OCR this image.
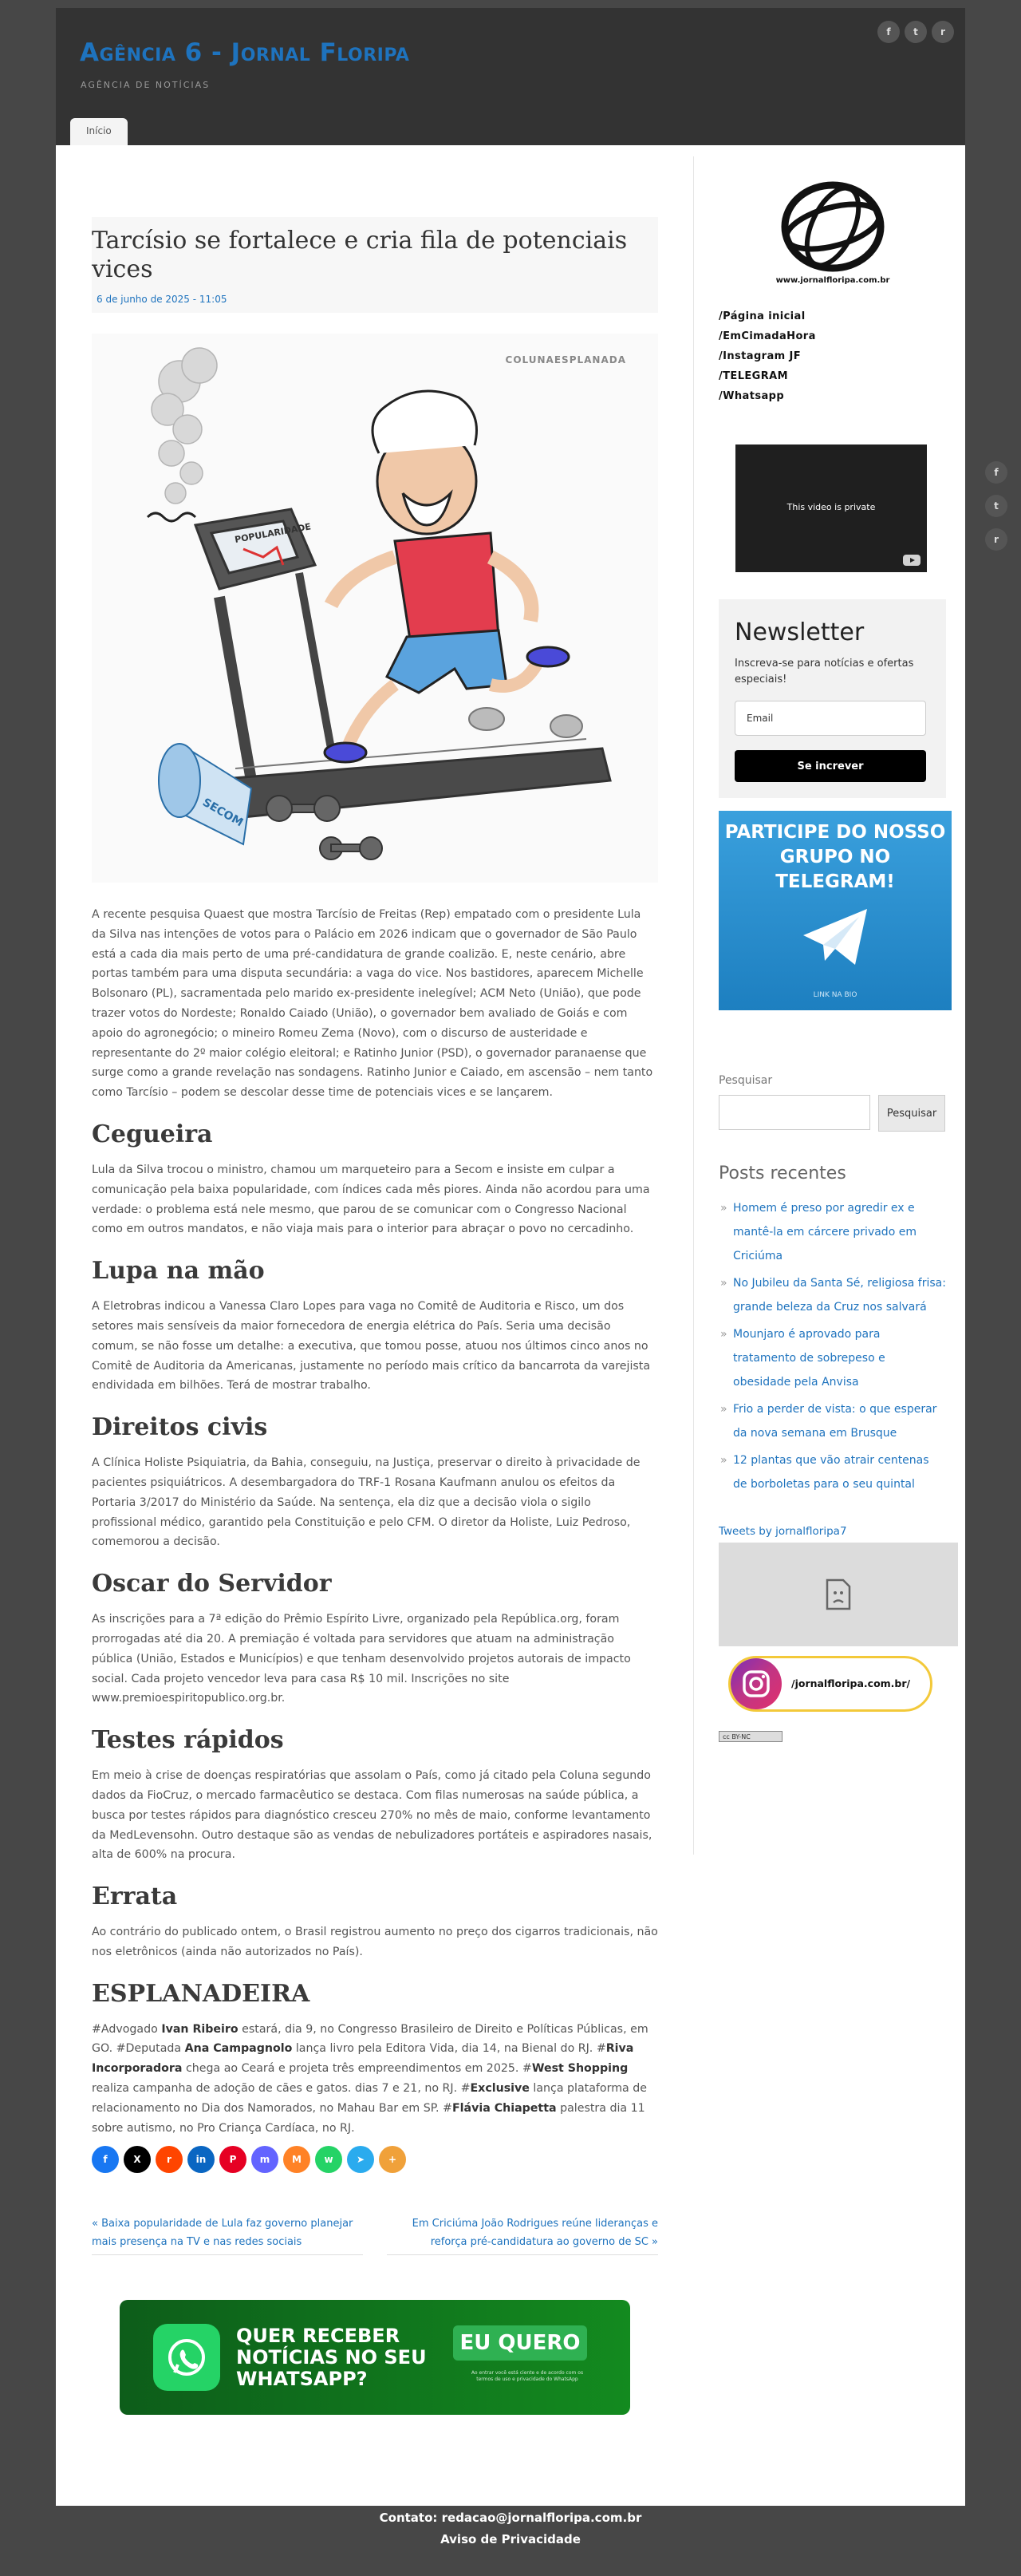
Agência 6 - Jornal Floripa
AGÊNCIA DE NOTÍCIAS
f	t	r
Início
Tarcísio se fortalece e cria fila de potenciais vices
6 de junho de 2025 - 11:05
POPULARIDADE
SECOM
COLUNAESPLANADA

A recente pesquisa Quaest que mostra Tarcísio de Freitas (Rep) empatado com o presidente Lula da Silva nas intenções de votos para o Palácio em 2026 indicam que o governador de São Paulo está a cada dia mais perto de uma pré-candidatura de grande coalizão. E, neste cenário, abre portas também para uma disputa secundária: a vaga do vice. Nos bastidores, aparecem Michelle Bolsonaro (PL), sacramentada pelo marido ex-presidente inelegível; ACM Neto (União), que pode trazer votos do Nordeste; Ronaldo Caiado (União), o governador bem avaliado de Goiás e com apoio do agronegócio; o mineiro Romeu Zema (Novo), com o discurso de austeridade e representante do 2º maior colégio eleitoral; e Ratinho Junior (PSD), o governador paranaense que surge como a grande revelação nas sondagens. Ratinho Junior e Caiado, em ascensão – nem tanto como Tarcísio – podem se descolar desse time de potenciais vices e se lançarem.

Cegueira

Lula da Silva trocou o ministro, chamou um marqueteiro para a Secom e insiste em culpar a comunicação pela baixa popularidade, com índices cada mês piores. Ainda não acordou para uma verdade: o problema está nele mesmo, que parou de se comunicar com o Congresso Nacional como em outros mandatos, e não viaja mais para o interior para abraçar o povo no cercadinho.

Lupa na mão

A Eletrobras indicou a Vanessa Claro Lopes para vaga no Comitê de Auditoria e Risco, um dos setores mais sensíveis da maior fornecedora de energia elétrica do País. Seria uma decisão comum, se não fosse um detalhe: a executiva, que tomou posse, atuou nos últimos cinco anos no Comitê de Auditoria da Americanas, justamente no período mais crítico da bancarrota da varejista endividada em bilhões. Terá de mostrar trabalho.

Direitos civis

A Clínica Holiste Psiquiatria, da Bahia, conseguiu, na Justiça, preservar o direito à privacidade de pacientes psiquiátricos. A desembargadora do TRF-1 Rosana Kaufmann anulou os efeitos da Portaria 3/2017 do Ministério da Saúde. Na sentença, ela diz que a decisão viola o sigilo profissional médico, garantido pela Constituição e pelo CFM. O diretor da Holiste, Luiz Pedroso, comemorou a decisão.

Oscar do Servidor

As inscrições para a 7ª edição do Prêmio Espírito Livre, organizado pela República.org, foram prorrogadas até dia 20. A premiação é voltada para servidores que atuam na administração pública (União, Estados e Municípios) e que tenham desenvolvido projetos autorais de impacto social. Cada projeto vencedor leva para casa R$ 10 mil. Inscrições no site www.premioespiritopublico.org.br.

Testes rápidos

Em meio à crise de doenças respiratórias que assolam o País, como já citado pela Coluna segundo dados da FioCruz, o mercado farmacêutico se destaca. Com filas numerosas na saúde pública, a busca por testes rápidos para diagnóstico cresceu 270% no mês de maio, conforme levantamento da MedLevensohn. Outro destaque são as vendas de nebulizadores portáteis e aspiradores nasais, alta de 600% na procura.

Errata

Ao contrário do publicado ontem, o Brasil registrou aumento no preço dos cigarros tradicionais, não nos eletrônicos (ainda não autorizados no País).

ESPLANADEIRA

#Advogado Ivan Ribeiro estará, dia 9, no Congresso Brasileiro de Direito e Políticas Públicas, em GO. #Deputada Ana Campagnolo lança livro pela Editora Vida, dia 14, na Bienal do RJ. #Riva Incorporadora chega ao Ceará e projeta três empreendimentos em 2025. #West Shopping realiza campanha de adoção de cães e gatos. dias 7 e 21, no RJ. #Exclusive lança plataforma de relacionamento no Dia dos Namorados, no Mahau Bar em SP. #Flávia Chiapetta palestra dia 11 sobre autismo, no Pro Criança Cardíaca, no RJ.

f	X	r	in	P	m	M	w	➤	+
« Baixa popularidade de Lula faz governo planejar mais presença na TV e nas redes sociais
Em Criciúma João Rodrigues reúne lideranças e reforça pré-candidatura ao governo de SC »
QUER RECEBER NOTÍCIAS NO SEU WHATSAPP?
EU QUERO
Ao entrar você está ciente e de acordo com os termos de uso e privacidade do WhatsApp
www.jornalfloripa.com.br
/Página inicial
/EmCimadaHora
/Instagram JF
/TELEGRAM
/Whatsapp
This video is private
Newsletter
Inscreva-se para notícias e ofertas especiais!
Email
Se increver
PARTICIPE DO NOSSO GRUPO NO TELEGRAM!
LINK NA BIO
Pesquisar
Pesquisar
Posts recentes
» Homem é preso por agredir ex e mantê-la em cárcere privado em Criciúma
» No Jubileu da Santa Sé, religiosa frisa: grande beleza da Cruz nos salvará
» Mounjaro é aprovado para tratamento de sobrepeso e obesidade pela Anvisa
» Frio a perder de vista: o que esperar da nova semana em Brusque
» 12 plantas que vão atrair centenas de borboletas para o seu quintal
Tweets by jornalfloripa7
/jornalfloripa.com.br/
cc BY-NC
f
t
r
Contato: redacao@jornalfloripa.com.br
Aviso de Privacidade
